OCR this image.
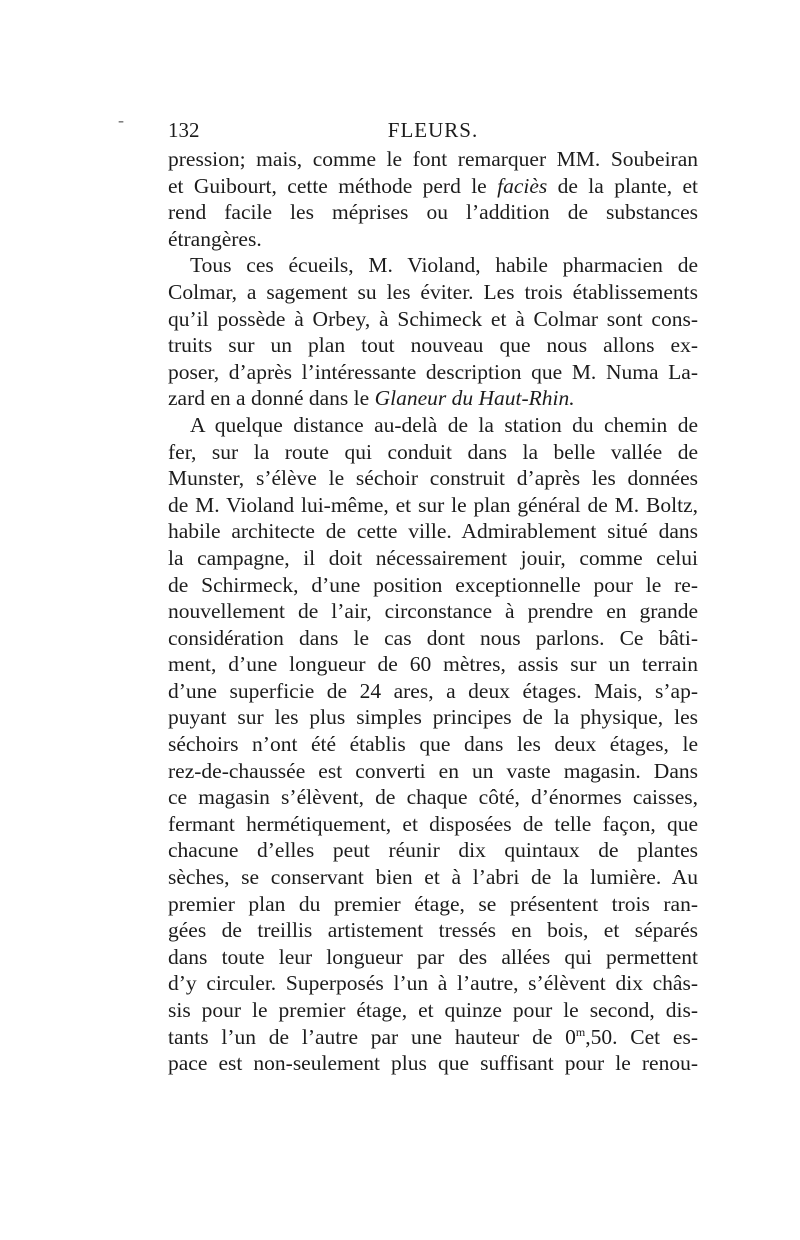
- 132	FLEURS.
pression; mais, comme le font remarquer MM. Soubeiran
et Guibourt, cette méthode perd le faciès de la plante, et
rend facile les méprises ou l’addition de substances
étrangères.
Tous ces écueils, M. Violand, habile pharmacien de
Colmar, a sagement su les éviter. Les trois établissements
qu’il possède à Orbey, à Schimeck et à Colmar sont cons-
truits sur un plan tout nouveau que nous allons ex-
poser, d’après l’intéressante description que M. Numa La-
zard en a donné dans le Glaneur du Haut-Rhin.
A quelque distance au-delà de la station du chemin de
fer, sur la route qui conduit dans la belle vallée de
Munster, s’élève le séchoir construit d’après les données
de M. Violand lui-même, et sur le plan général de M. Boltz,
habile architecte de cette ville. Admirablement situé dans
la campagne, il doit nécessairement jouir, comme celui
de Schirmeck, d’une position exceptionnelle pour le re-
nouvellement de l’air, circonstance à prendre en grande
considération dans le cas dont nous parlons. Ce bâti-
ment, d’une longueur de 60 mètres, assis sur un terrain
d’une superficie de 24 ares, a deux étages. Mais, s’ap-
puyant sur les plus simples principes de la physique, les
séchoirs n’ont été établis que dans les deux étages, le
rez-de-chaussée est converti en un vaste magasin. Dans
ce magasin s’élèvent, de chaque côté, d’énormes caisses,
fermant hermétiquement, et disposées de telle façon, que
chacune d’elles peut réunir dix quintaux de plantes
sèches, se conservant bien et à l’abri de la lumière. Au
premier plan du premier étage, se présentent trois ran-
gées de treillis artistement tressés en bois, et séparés
dans toute leur longueur par des allées qui permettent
d’y circuler. Superposés l’un à l’autre, s’élèvent dix châs-
sis pour le premier étage, et quinze pour le second, dis-
tants l’un de l’autre par une hauteur de 0$^m$,50. Cet es-
pace est non-seulement plus que suffisant pour le renou-
